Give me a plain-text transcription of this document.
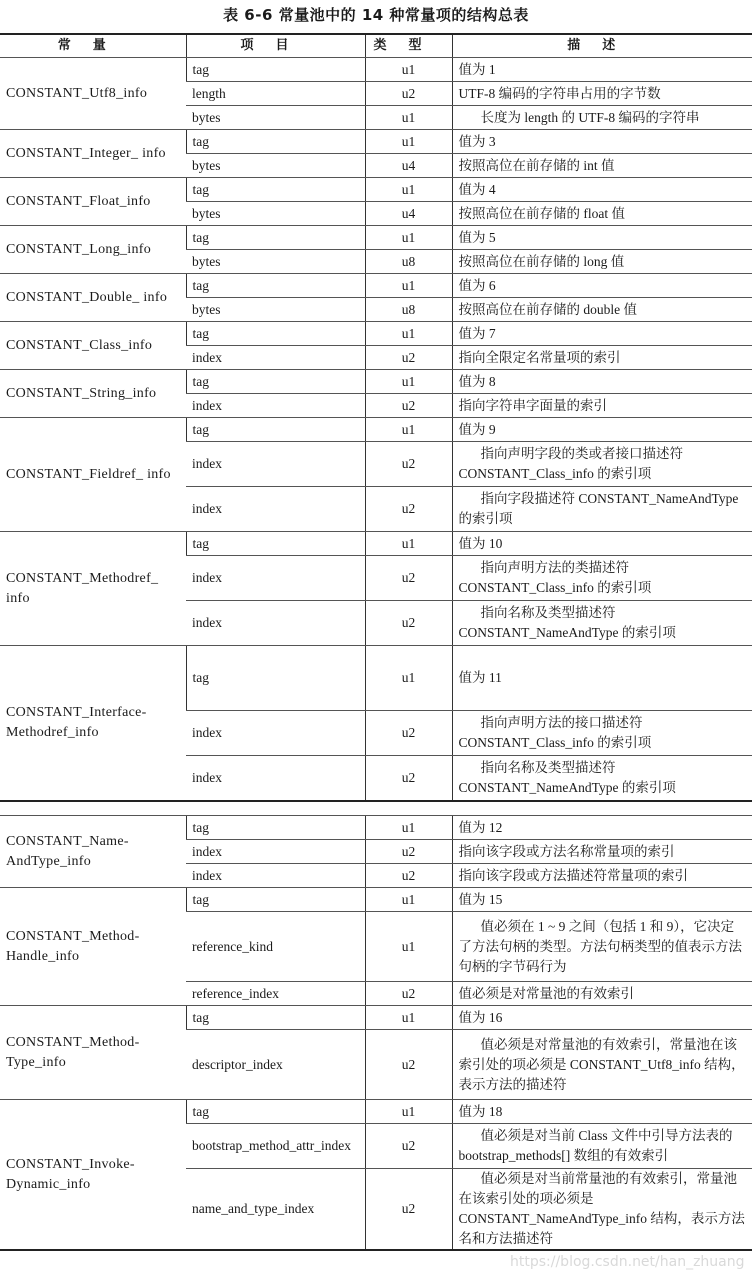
表 6-6 常量池中的 14 种常量项的结构总表
常量	项目	类型	描述
CONSTANT_Utf8_info	tag	u1	值为 1
	length	u2	UTF-8 编码的字符串占用的字节数
	bytes	u1	长度为 length 的 UTF-8 编码的字符串
CONSTANT_Integer_ info	tag	u1	值为 3
	bytes	u4	按照高位在前存储的 int 值
CONSTANT_Float_info	tag	u1	值为 4
	bytes	u4	按照高位在前存储的 float 值
CONSTANT_Long_info	tag	u1	值为 5
	bytes	u8	按照高位在前存储的 long 值
CONSTANT_Double_ info	tag	u1	值为 6
	bytes	u8	按照高位在前存储的 double 值
CONSTANT_Class_info	tag	u1	值为 7
	index	u2	指向全限定名常量项的索引
CONSTANT_String_info	tag	u1	值为 8
	index	u2	指向字符串字面量的索引
CONSTANT_Fieldref_ info	tag	u1	值为 9
	index	u2	指向声明字段的类或者接口描述符 CONSTANT_Class_info 的索引项
	index	u2	指向字段描述符 CONSTANT_NameAndType 的索引项
CONSTANT_Methodref_ info	tag	u1	值为 10
	index	u2	指向声明方法的类描述符 CONSTANT_Class_info 的索引项
	index	u2	指向名称及类型描述符 CONSTANT_NameAndType 的索引项
CONSTANT_Interface- Methodref_info	tag	u1	值为 11
	index	u2	指向声明方法的接口描述符 CONSTANT_Class_info 的索引项
	index	u2	指向名称及类型描述符 CONSTANT_NameAndType 的索引项
CONSTANT_Name- AndType_info	tag	u1	值为 12
	index	u2	指向该字段或方法名称常量项的索引
	index	u2	指向该字段或方法描述符常量项的索引
CONSTANT_Method- Handle_info	tag	u1	值为 15
	reference_kind	u1	值必须在 1 ~ 9 之间（包括 1 和 9），它决定了方法句柄的类型。方法句柄类型的值表示方法句柄的字节码行为
	reference_index	u2	值必须是对常量池的有效索引
CONSTANT_Method- Type_info	tag	u1	值为 16
	descriptor_index	u2	值必须是对常量池的有效索引，常量池在该索引处的项必须是 CONSTANT_Utf8_info 结构，表示方法的描述符
CONSTANT_Invoke- Dynamic_info	tag	u1	值为 18
	bootstrap_method_attr_index	u2	值必须是对当前 Class 文件中引导方法表的 bootstrap_methods[] 数组的有效索引
	name_and_type_index	u2	值必须是对当前常量池的有效索引，常量池在该索引处的项必须是 CONSTANT_NameAndType_info 结构，表示方法名和方法描述符
https://blog.csdn.net/han_zhuang
